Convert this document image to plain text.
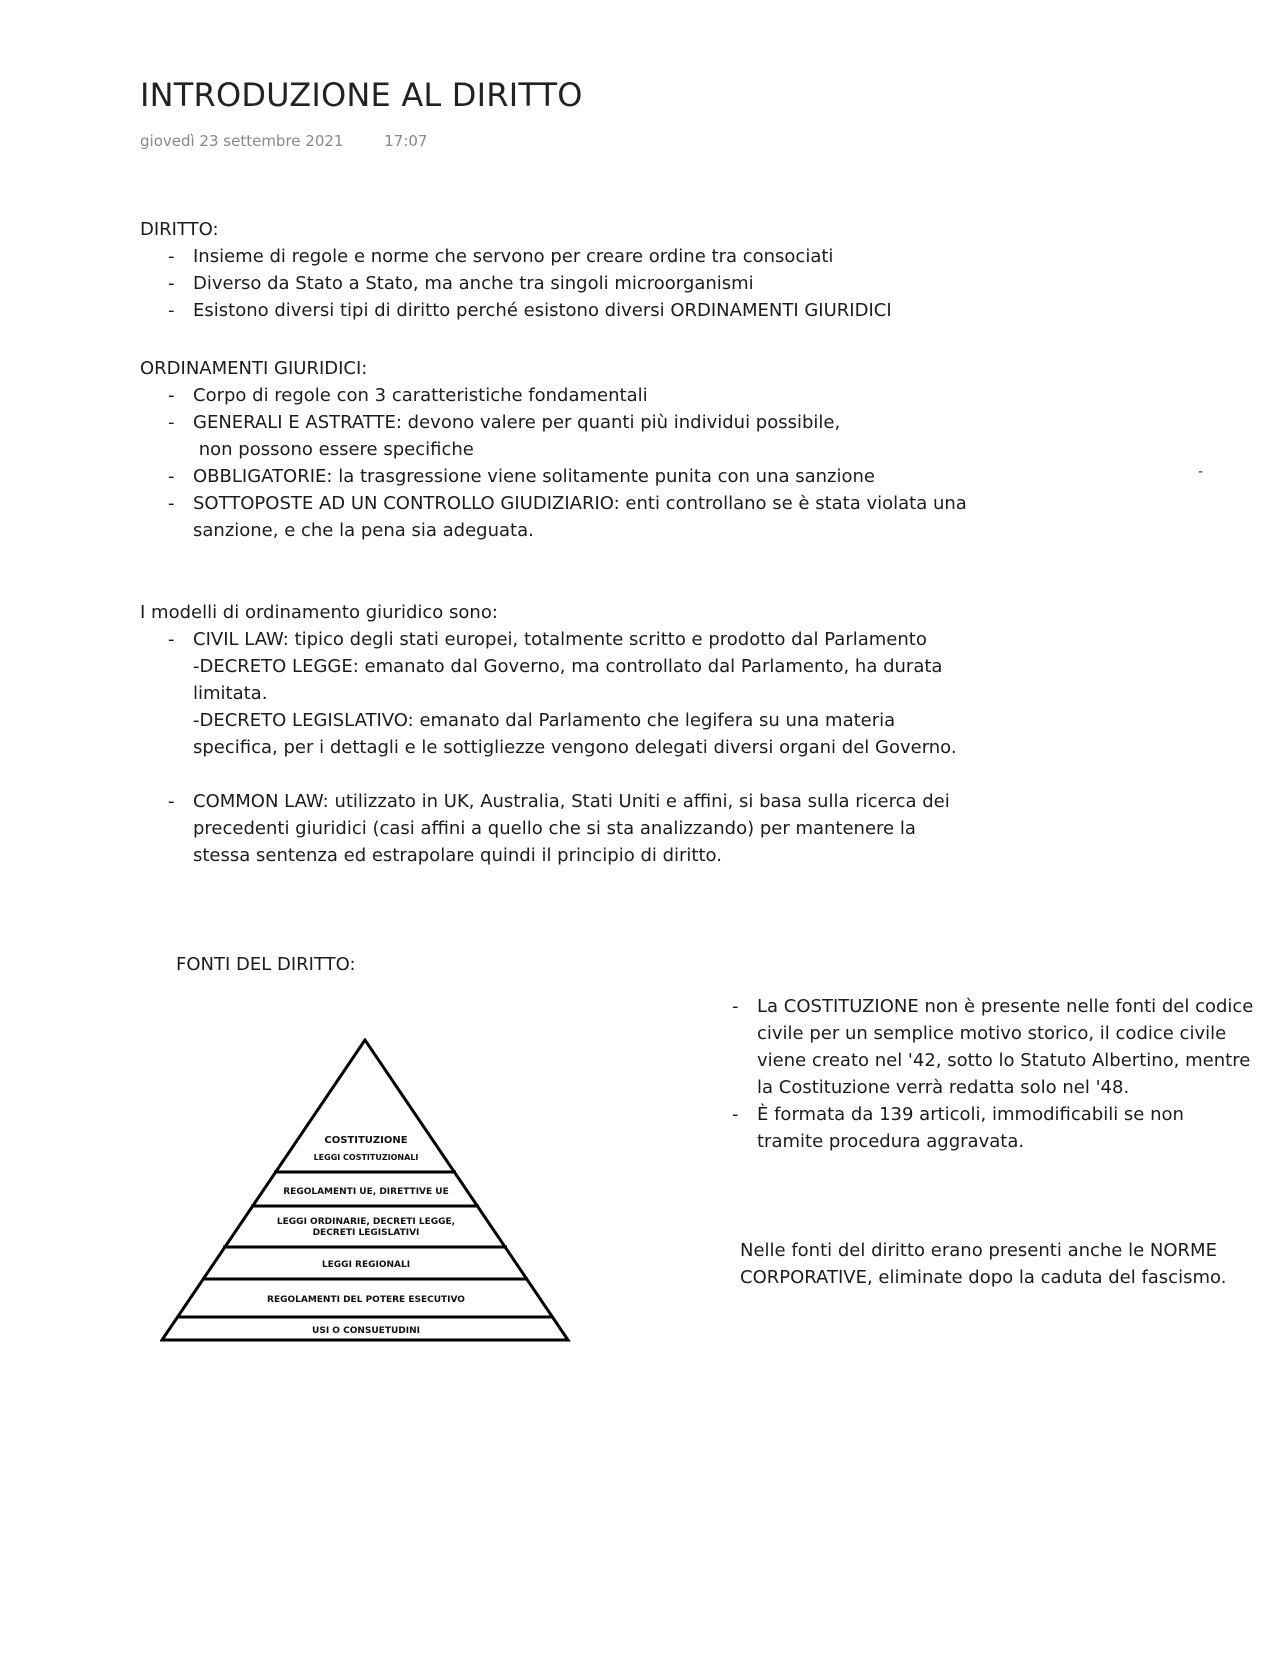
INTRODUZIONE AL DIRITTO
giovedì 23 settembre 2021	17:07
DIRITTO:
- Insieme di regole e norme che servono per creare ordine tra consociati
- Diverso da Stato a Stato, ma anche tra singoli microorganismi
- Esistono diversi tipi di diritto perché esistono diversi ORDINAMENTI GIURIDICI
ORDINAMENTI GIURIDICI:
- Corpo di regole con 3 caratteristiche fondamentali
- GENERALI E ASTRATTE: devono valere per quanti più individui possibile,
non possono essere specifiche
- OBBLIGATORIE: la trasgressione viene solitamente punita con una sanzione
- SOTTOPOSTE AD UN CONTROLLO GIUDIZIARIO: enti controllano se è stata violata una
sanzione, e che la pena sia adeguata.
-
I modelli di ordinamento giuridico sono:
- CIVIL LAW: tipico degli stati europei, totalmente scritto e prodotto dal Parlamento
-DECRETO LEGGE: emanato dal Governo, ma controllato dal Parlamento, ha durata
limitata.
-DECRETO LEGISLATIVO: emanato dal Parlamento che legifera su una materia
specifica, per i dettagli e le sottigliezze vengono delegati diversi organi del Governo.
- COMMON LAW: utilizzato in UK, Australia, Stati Uniti e affini, si basa sulla ricerca dei
precedenti giuridici (casi affini a quello che si sta analizzando) per mantenere la
stessa sentenza ed estrapolare quindi il principio di diritto.
FONTI DEL DIRITTO:
COSTITUZIONE
LEGGI COSTITUZIONALI
REGOLAMENTI UE, DIRETTIVE UE
LEGGI ORDINARIE, DECRETI LEGGE,
DECRETI LEGISLATIVI
LEGGI REGIONALI
REGOLAMENTI DEL POTERE ESECUTIVO
USI O CONSUETUDINI
- La COSTITUZIONE non è presente nelle fonti del codice
civile per un semplice motivo storico, il codice civile
viene creato nel '42, sotto lo Statuto Albertino, mentre
la Costituzione verrà redatta solo nel '48.
- È formata da 139 articoli, immodificabili se non
tramite procedura aggravata.
Nelle fonti del diritto erano presenti anche le NORME
CORPORATIVE, eliminate dopo la caduta del fascismo.
